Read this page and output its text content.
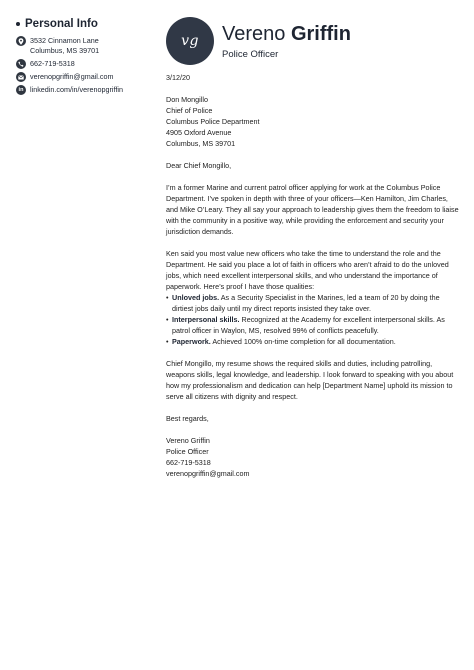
Personal Info
3532 Cinnamon Lane
Columbus, MS 39701
662-719-5318
verenopgriffin@gmail.com
in linkedin.com/in/verenopgriffin
vg	Vereno Griffin
Police Officer

3/12/20

Don Mongillo
Chief of Police
Columbus Police Department
4905 Oxford Avenue
Columbus, MS 39701

Dear Chief Mongillo,

I’m a former Marine and current patrol officer applying for work at the Columbus Police Department. I’ve spoken in depth with three of your officers—Ken Hamilton, Jim Charles, and Mike O’Leary. They all say your approach to leadership gives them the freedom to liaise with the community in a positive way, while providing the enforcement and security your jurisdiction demands.

Ken said you most value new officers who take the time to understand the role and the Department. He said you place a lot of faith in officers who aren’t afraid to do the unloved jobs, which need excellent interpersonal skills, and who understand the importance of paperwork. Here’s proof I have those qualities:

• Unloved jobs. As a Security Specialist in the Marines, led a team of 20 by doing the dirtiest jobs daily until my direct reports insisted they take over.
• Interpersonal skills. Recognized at the Academy for excellent interpersonal skills. As patrol officer in Waylon, MS, resolved 99% of conflicts peacefully.
• Paperwork. Achieved 100% on-time completion for all documentation.

Chief Mongillo, my resume shows the required skills and duties, including patrolling, weapons skills, legal knowledge, and leadership. I look forward to speaking with you about how my professionalism and dedication can help [Department Name] uphold its mission to serve all citizens with dignity and respect.

Best regards,

Vereno Griffin
Police Officer
662-719-5318
verenopgriffin@gmail.com
